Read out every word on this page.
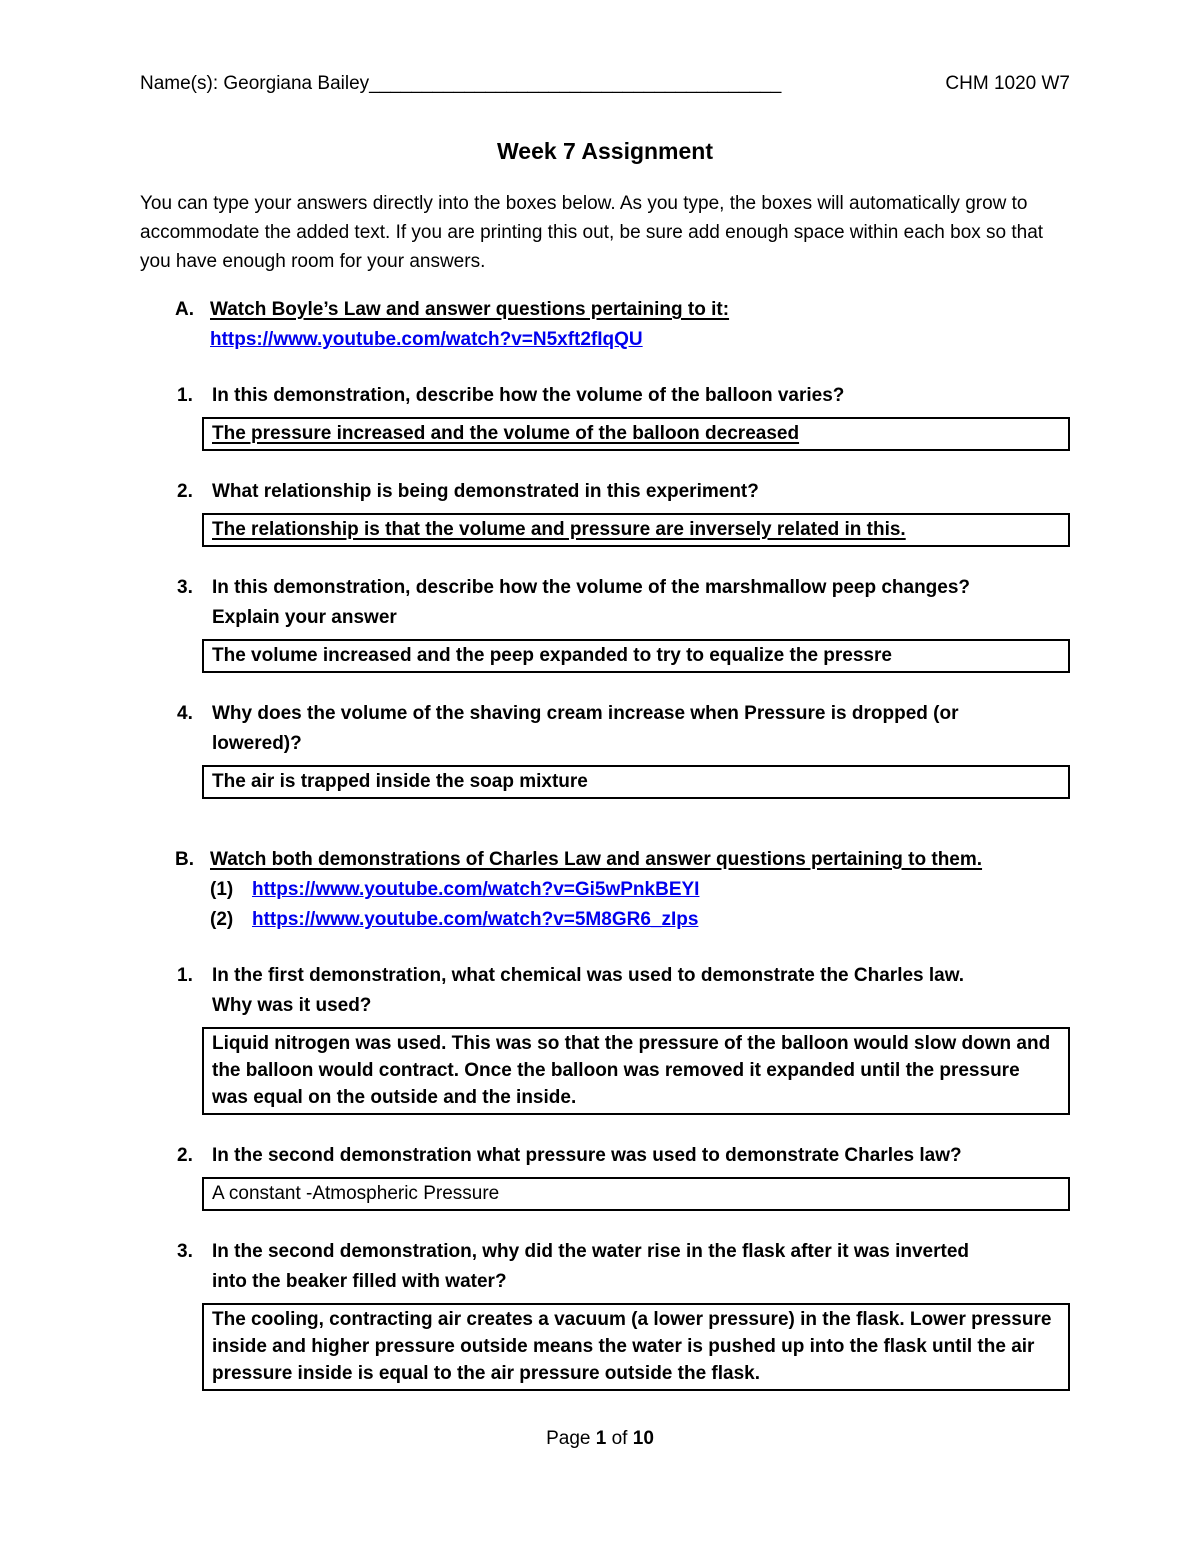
Name(s): Georgiana Bailey_______________________________________	CHM 1020 W7
Week 7 Assignment

You can type your answers directly into the boxes below. As you type, the boxes will automatically grow to accommodate the added text. If you are printing this out, be sure add enough space within each box so that you have enough room for your answers.

A. Watch Boyle’s Law and answer questions pertaining to it:
https://www.youtube.com/watch?v=N5xft2fIqQU
1.	In this demonstration, describe how the volume of the balloon varies?
The pressure increased and the volume of the balloon decreased
2.	What relationship is being demonstrated in this experiment?
The relationship is that the volume and pressure are inversely related in this.
3.	In this demonstration, describe how the volume of the marshmallow peep changes?
Explain your answer
The volume increased and the peep expanded to try to equalize the pressre
4.	Why does the volume of the shaving cream increase when Pressure is dropped (or
lowered)?
The air is trapped inside the soap mixture
B. Watch both demonstrations of Charles Law and answer questions pertaining to them.
(1) https://www.youtube.com/watch?v=Gi5wPnkBEYI
(2) https://www.youtube.com/watch?v=5M8GR6_zIps
1.	In the first demonstration, what chemical was used to demonstrate the Charles law.
Why was it used?
Liquid nitrogen was used. This was so that the pressure of the balloon would slow down and the balloon would contract. Once the balloon was removed it expanded until the pressure was equal on the outside and the inside.
2.	In the second demonstration what pressure was used to demonstrate Charles law?
A constant -Atmospheric Pressure
3.	In the second demonstration, why did the water rise in the flask after it was inverted
into the beaker filled with water?
The cooling, contracting air creates a vacuum (a lower pressure) in the flask. Lower pressure inside and higher pressure outside means the water is pushed up into the flask until the air pressure inside is equal to the air pressure outside the flask.
Page 1 of 10
